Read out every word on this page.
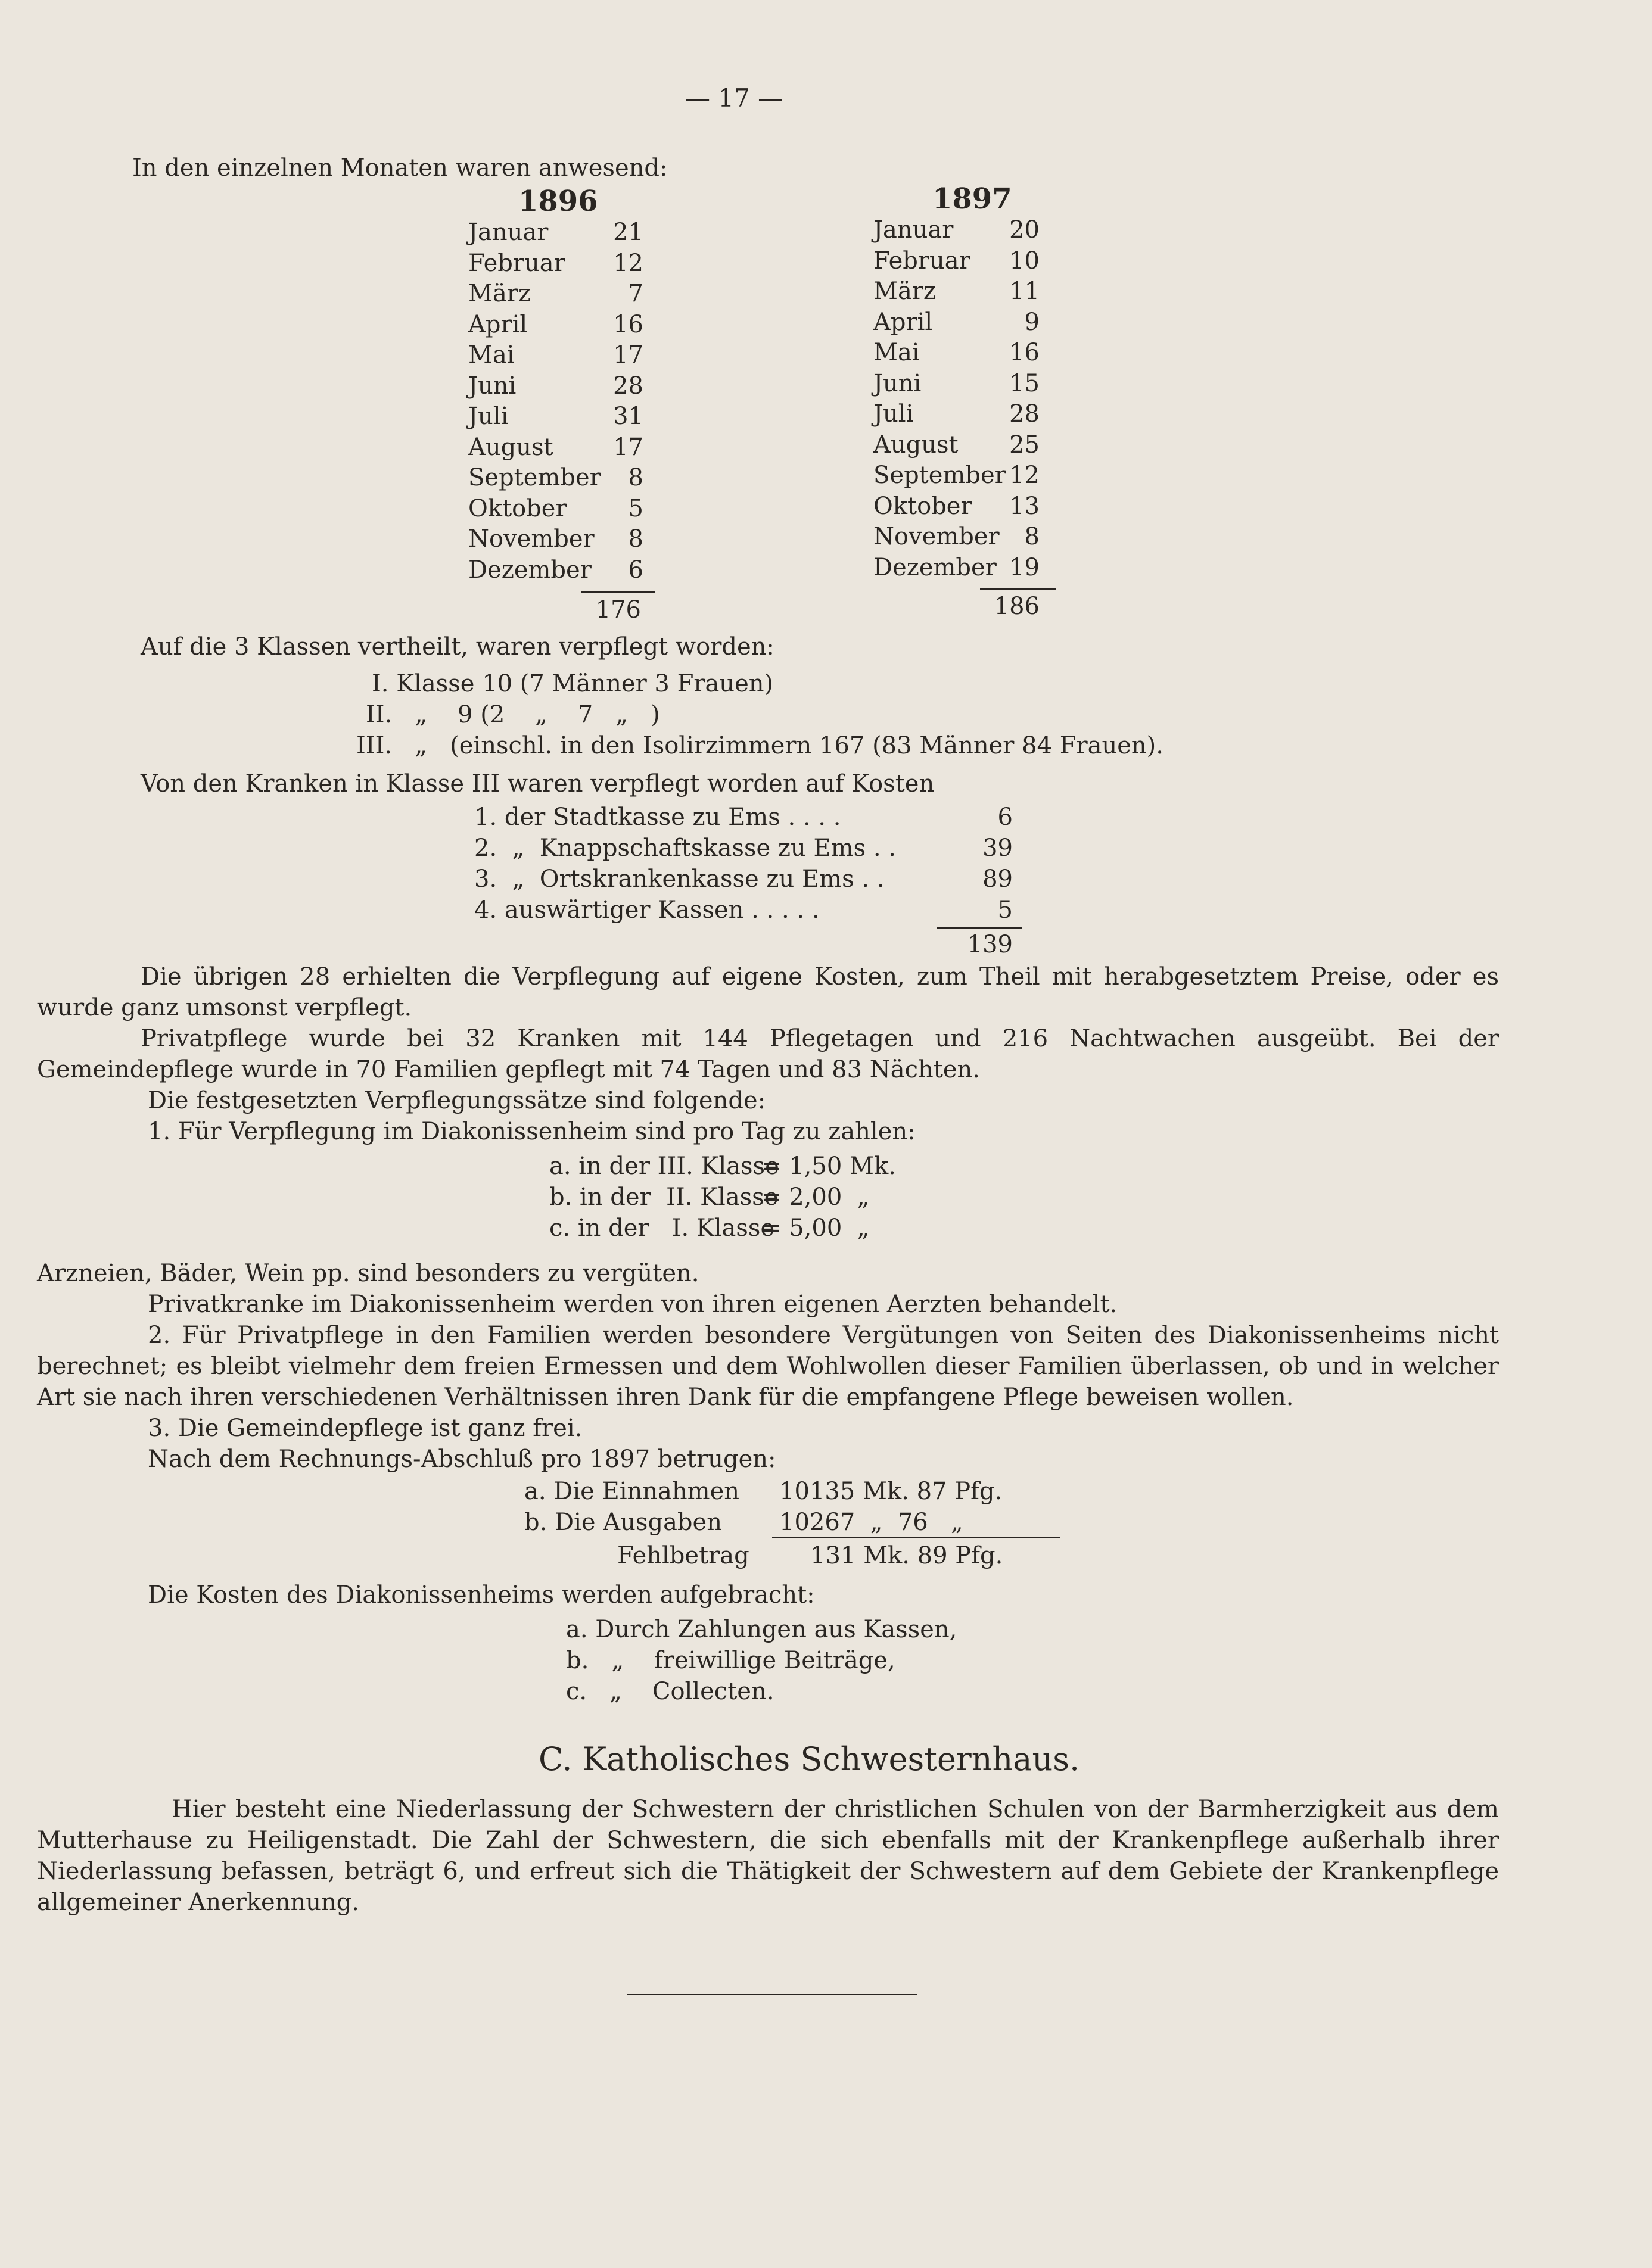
— 17 —
In den einzelnen Monaten waren anwesend:
1896
Januar	21
Februar	12
März	7
April	16
Mai	17
Juni	28
Juli	31
August	17
September	8
Oktober	5
November	8
Dezember	6
176
1897
Januar	20
Februar	10
März	11
April	9
Mai	16
Juni	15
Juli	28
August	25
September 12
Oktober	13
November	8
Dezember 19
186
Auf die 3 Klassen vertheilt, waren verpflegt worden:
I. Klasse 10 (7 Männer 3 Frauen)
II.   „    9 (2    „    7   „   )
III.   „   (einschl. in den Isolirzimmern 167 (83 Männer 84 Frauen).
Von den Kranken in Klasse III waren verpflegt worden auf Kosten
1. der Stadtkasse zu Ems . . . .	6
2.  „  Knappschaftskasse zu Ems . .	39
3.  „  Ortskrankenkasse zu Ems . .	89
4. auswärtiger Kassen . . . . .	5
139
Die übrigen 28 erhielten die Verpflegung auf eigene Kosten, zum Theil mit herabgesetztem Preise, oder es wurde ganz umsonst verpflegt.
Privatpflege wurde bei 32 Kranken mit 144 Pflegetagen und 216 Nachtwachen ausgeübt. Bei der Gemeindepflege wurde in 70 Familien gepflegt mit 74 Tagen und 83 Nächten.
Die festgesetzten Verpflegungssätze sind folgende:
1. Für Verpflegung im Diakonissenheim sind pro Tag zu zahlen:
a. in der III. Klasse
= 1,50 Mk.
b. in der  II. Klasse
= 2,00  „
c. in der   I. Klasse
= 5,00  „
Arzneien, Bäder, Wein pp. sind besonders zu vergüten.
Privatkranke im Diakonissenheim werden von ihren eigenen Aerzten behandelt.
2. Für Privatpflege in den Familien werden besondere Vergütungen von Seiten des Diakonissenheims nicht berechnet; es bleibt vielmehr dem freien Ermessen und dem Wohlwollen dieser Familien überlassen, ob und in welcher Art sie nach ihren verschiedenen Verhältnissen ihren Dank für die empfangene Pflege beweisen wollen.
3. Die Gemeindepflege ist ganz frei.
Nach dem Rechnungs-Abschluß pro 1897 betrugen:
a. Die Einnahmen 10135 Mk. 87 Pfg.
b. Die Ausgaben 10267  „  76   „
Fehlbetrag	131 Mk. 89 Pfg.
Die Kosten des Diakonissenheims werden aufgebracht:
a. Durch Zahlungen aus Kassen,
b.   „    freiwillige Beiträge,
c.   „    Collecten.
C. Katholisches Schwesternhaus.
Hier besteht eine Niederlassung der Schwestern der christlichen Schulen von der Barmherzigkeit aus dem Mutterhause zu Heiligenstadt. Die Zahl der Schwestern, die sich ebenfalls mit der Krankenpflege außerhalb ihrer Niederlassung befassen, beträgt 6, und erfreut sich die Thätigkeit der Schwestern auf dem Gebiete der Krankenpflege allgemeiner Anerkennung.
